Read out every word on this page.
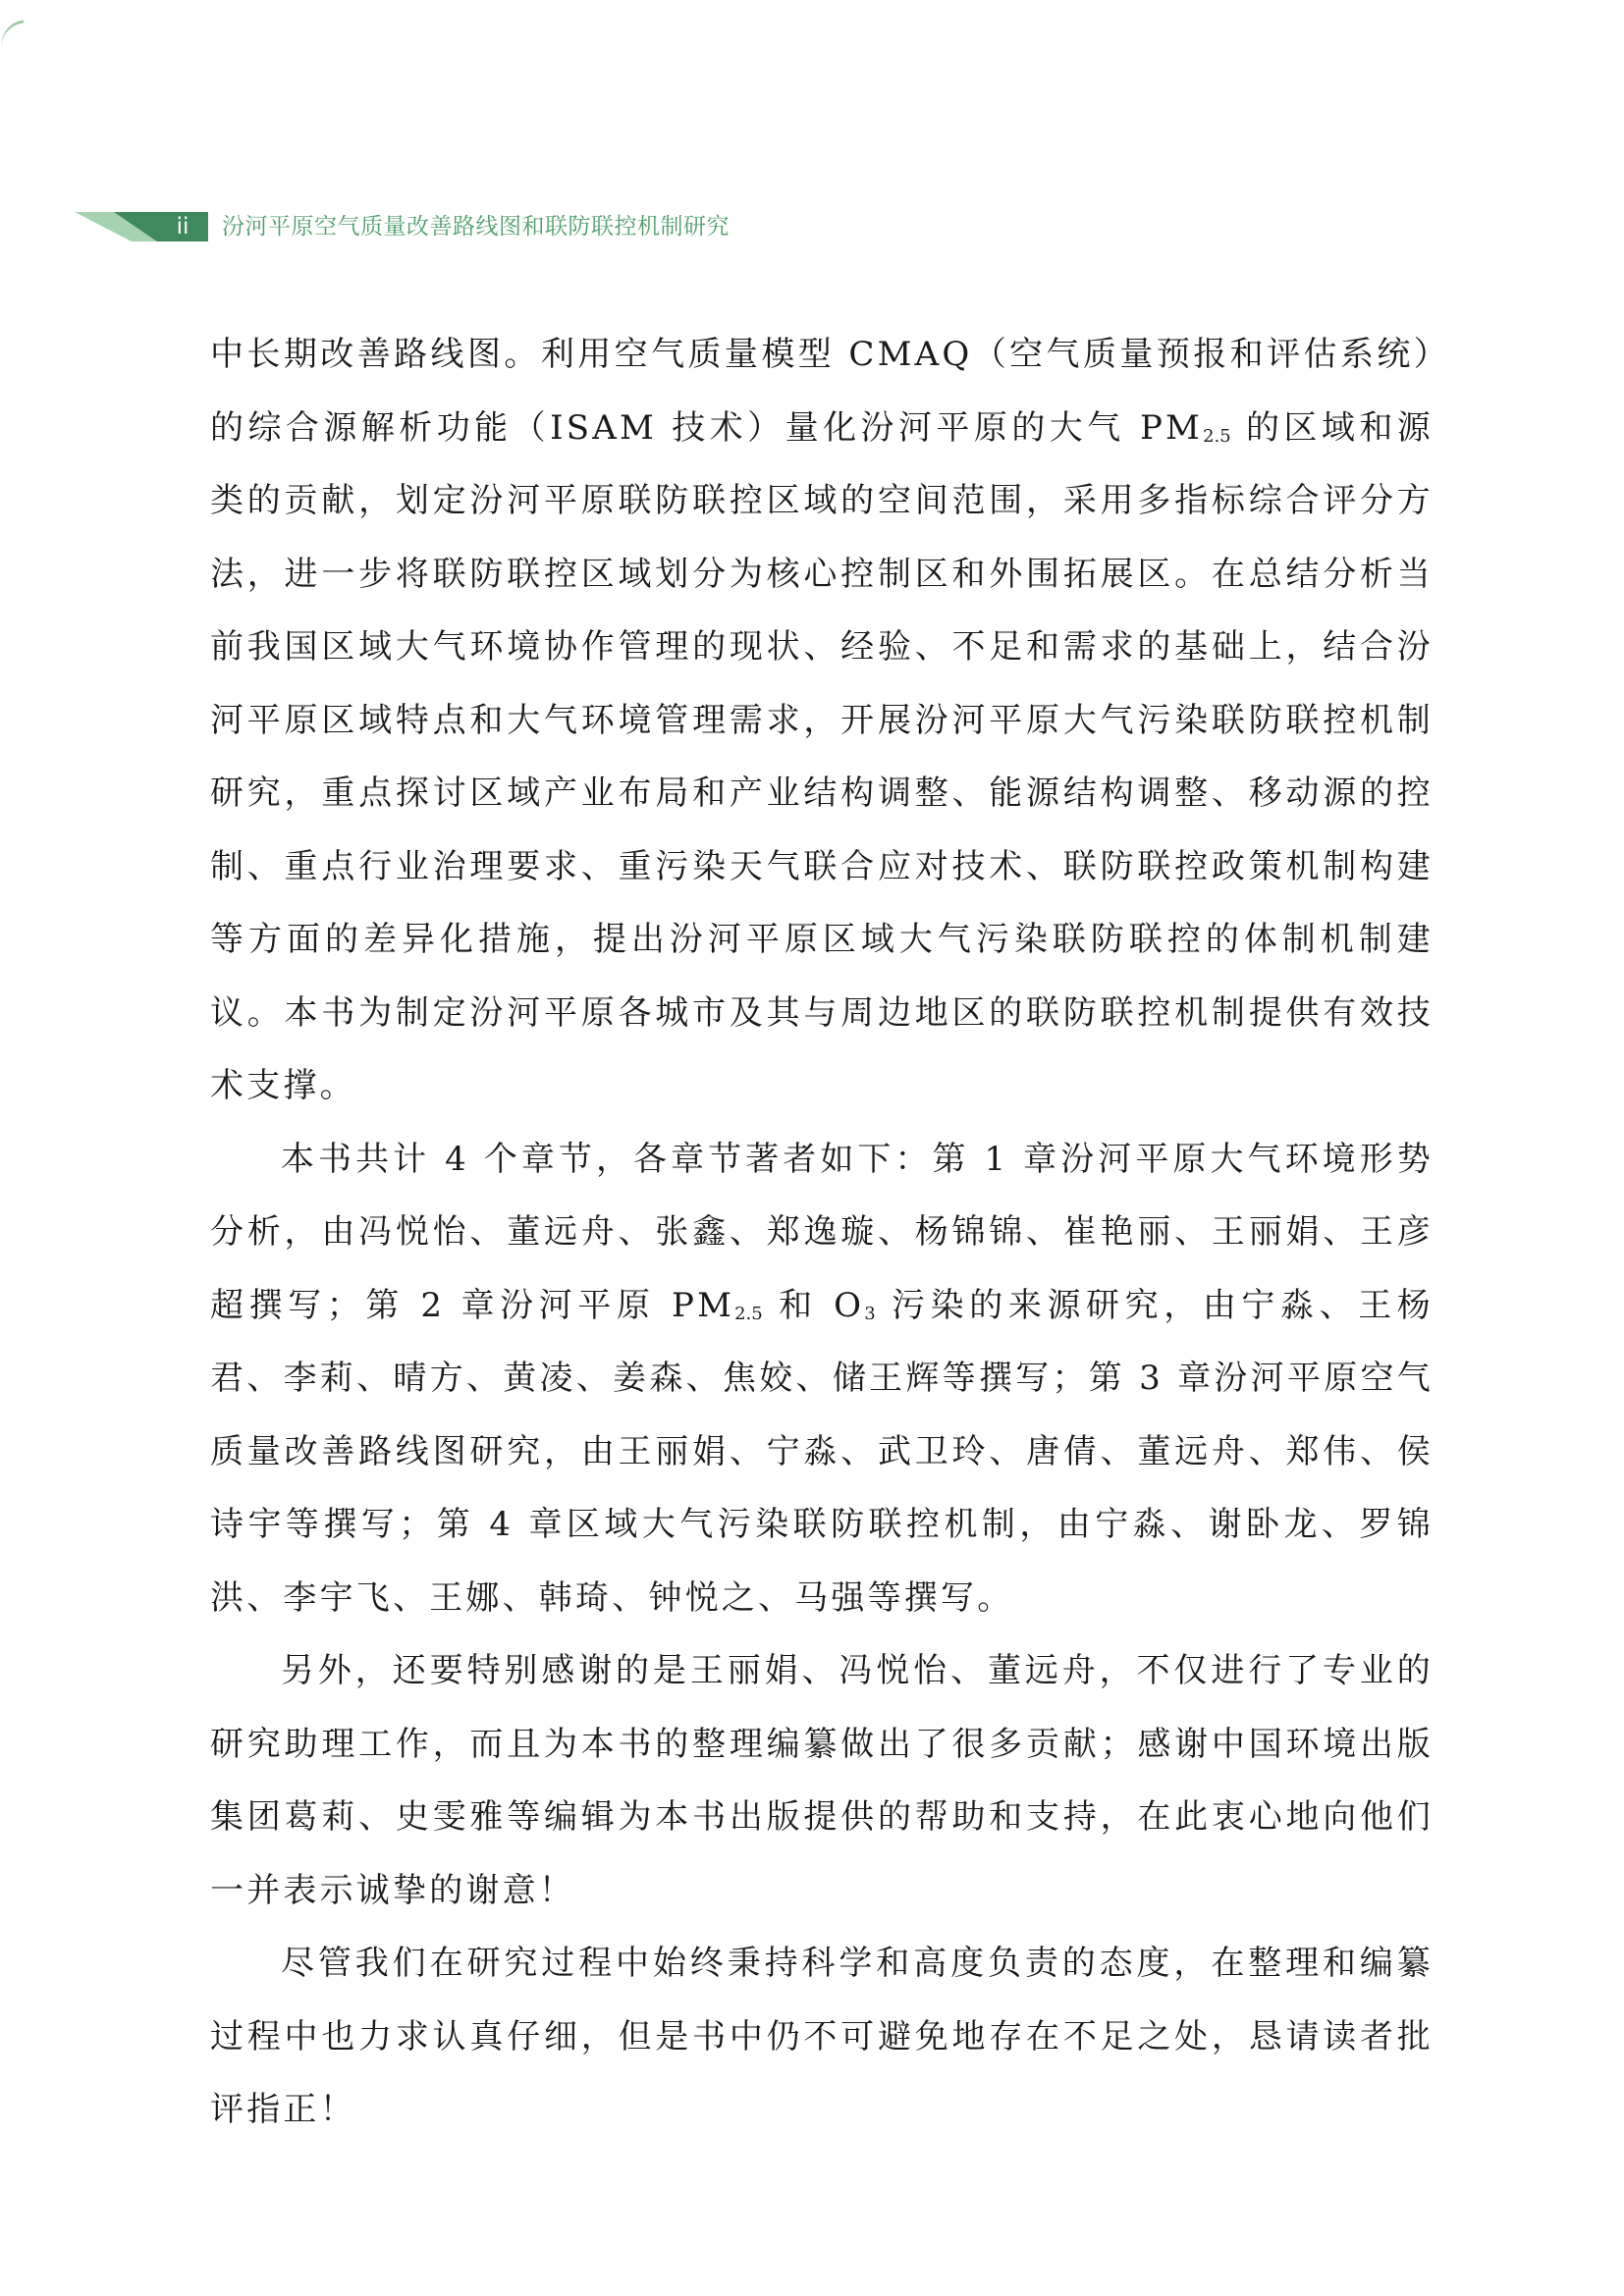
ii	汾河平原空气质量改善路线图和联防联控机制研究

中长期改善路线图。利用空气质量模型 CMAQ（空气质量预报和评估系统）的综合源解析功能（ISAM 技术）量化汾河平原的大气 $PM_{2.5}$ 的区域和源类的贡献，划定汾河平原联防联控区域的空间范围，采用多指标综合评分方法，进一步将联防联控区域划分为核心控制区和外围拓展区。在总结分析当前我国区域大气环境协作管理的现状、经验、不足和需求的基础上，结合汾河平原区域特点和大气环境管理需求，开展汾河平原大气污染联防联控机制研究，重点探讨区域产业布局和产业结构调整、能源结构调整、移动源的控制、重点行业治理要求、重污染天气联合应对技术、联防联控政策机制构建等方面的差异化措施，提出汾河平原区域大气污染联防联控的体制机制建议。本书为制定汾河平原各城市及其与周边地区的联防联控机制提供有效技术支撑。

本书共计 4 个章节，各章节著者如下：第 1 章汾河平原大气环境形势分析，由冯悦怡、董远舟、张鑫、郑逸璇、杨锦锦、崔艳丽、王丽娟、王彦超撰写；第 2 章汾河平原 $PM_{2.5}$ 和 $O_3$ 污染的来源研究，由宁淼、王杨君、李莉、晴方、黄凌、姜森、焦姣、储王辉等撰写；第 3 章汾河平原空气质量改善路线图研究，由王丽娟、宁淼、武卫玲、唐倩、董远舟、郑伟、侯诗宇等撰写；第 4 章区域大气污染联防联控机制，由宁淼、谢卧龙、罗锦洪、李宇飞、王娜、韩琦、钟悦之、马强等撰写。

另外，还要特别感谢的是王丽娟、冯悦怡、董远舟，不仅进行了专业的研究助理工作，而且为本书的整理编纂做出了很多贡献；感谢中国环境出版集团葛莉、史雯雅等编辑为本书出版提供的帮助和支持，在此衷心地向他们一并表示诚挚的谢意！

尽管我们在研究过程中始终秉持科学和高度负责的态度，在整理和编纂过程中也力求认真仔细，但是书中仍不可避免地存在不足之处，恳请读者批评指正！
